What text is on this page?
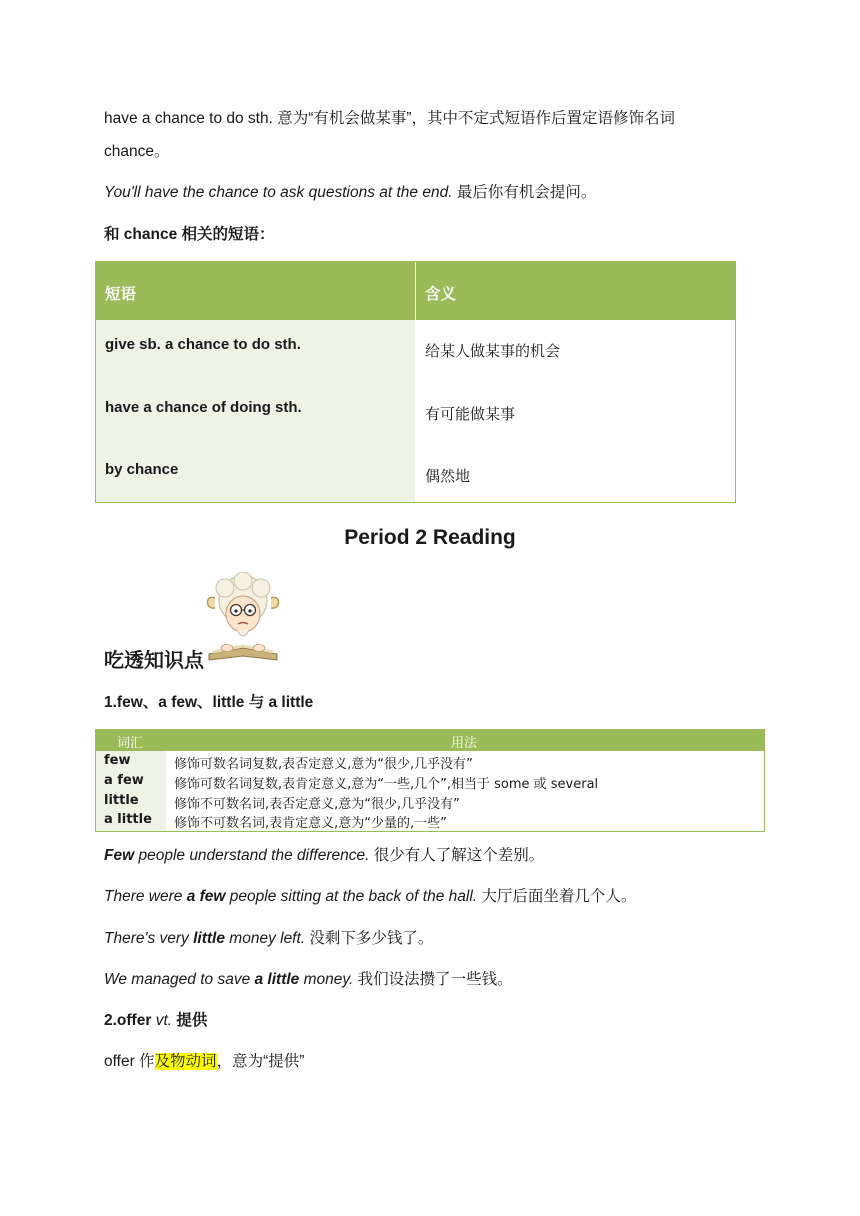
have a chance to do sth. 意为“有机会做某事”，其中不定式短语作后置定语修饰名词
chance。
You'll have the chance to ask questions at the end. 最后你有机会提问。
和 chance 相关的短语：
短语	含义
give sb. a chance to do sth.	给某人做某事的机会
have a chance of doing sth.	有可能做某事
by chance	偶然地
Period 2 Reading
吃透知识点
1.few、a few、little 与 a little
词汇	用法
few	修饰可数名词复数,表否定意义,意为“很少,几乎没有”
a few 修饰可数名词复数,表肯定意义,意为“一些,几个”,相当于 some 或 several
little	修饰不可数名词,表否定意义,意为“很少,几乎没有”
a little 修饰不可数名词,表肯定意义,意为“少量的,一些”
Few people understand the difference. 很少有人了解这个差别。
There were a few people sitting at the back of the hall. 大厅后面坐着几个人。
There's very little money left. 没剩下多少钱了。
We managed to save a little money. 我们设法攒了一些钱。
2.offer vt. 提供
offer 作及物动词，意为“提供”
